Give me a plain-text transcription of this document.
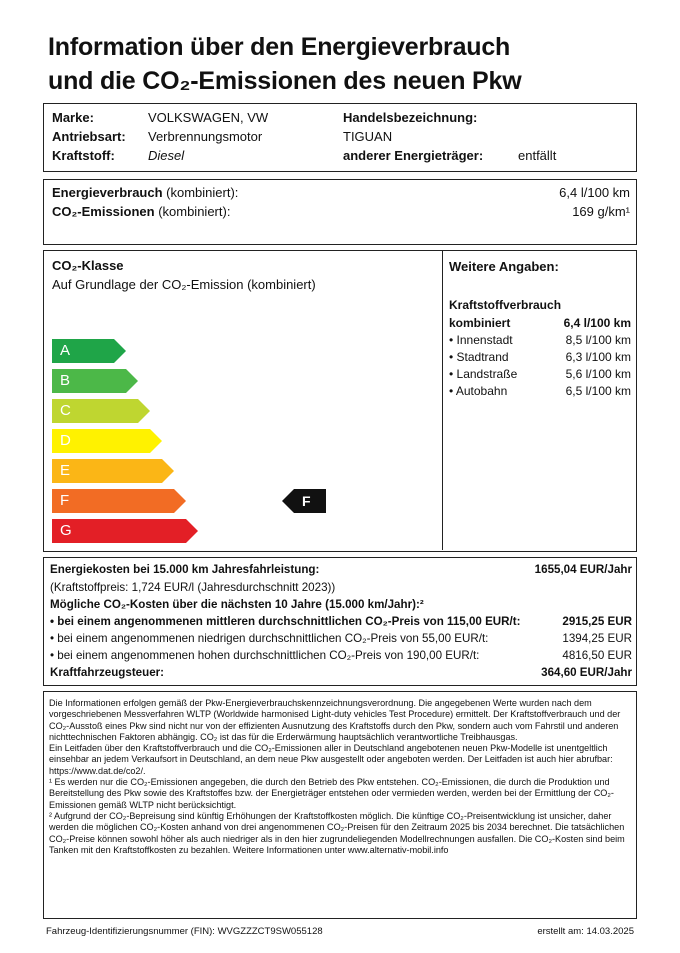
Information über den Energieverbrauch
und die CO₂-Emissionen des neuen Pkw
Marke:	VOLKSWAGEN, VW	Handelsbezeichnung:
Antriebsart: Verbrennungsmotor	TIGUAN
Kraftstoff:	Diesel	anderer Energieträger:	entfällt
Energieverbrauch (kombiniert):	6,4 l/100 km
CO₂-Emissionen (kombiniert):	169 g/km¹
CO₂-Klasse
Auf Grundlage der CO₂-Emission (kombiniert)
A
B
C
D
E
F
G
F
Weitere Angaben:
Kraftstoffverbrauch
kombiniert	6,4 l/100 km
• Innenstadt	8,5 l/100 km
• Stadtrand	6,3 l/100 km
• Landstraße	5,6 l/100 km
• Autobahn	6,5 l/100 km
Energiekosten bei 15.000 km Jahresfahrleistung:	1655,04 EUR/Jahr
(Kraftstoffpreis: 1,724 EUR/l (Jahresdurchschnitt 2023))
Mögliche CO₂-Kosten über die nächsten 10 Jahre (15.000 km/Jahr):²
• bei einem angenommenen mittleren durchschnittlichen CO₂-Preis von 115,00 EUR/t:	2915,25 EUR
• bei einem angenommenen niedrigen durchschnittlichen CO₂-Preis von 55,00 EUR/t:	1394,25 EUR
• bei einem angenommenen hohen durchschnittlichen CO₂-Preis von 190,00 EUR/t:	4816,50 EUR
Kraftfahrzeugsteuer:	364,60 EUR/Jahr

Die Informationen erfolgen gemäß der Pkw-Energieverbrauchskennzeichnungsverordnung. Die angegebenen Werte wurden nach dem vorgeschriebenen Messverfahren WLTP (Worldwide harmonised Light-duty vehicles Test Procedure) ermittelt. Der Kraftstoffverbrauch und der CO₂-Ausstoß eines Pkw sind nicht nur von der effizienten Ausnutzung des Kraftstoffs durch den Pkw, sondern auch vom Fahrstil und anderen nichttechnischen Faktoren abhängig. CO₂ ist das für die Erderwärmung hauptsächlich verantwortliche Treibhausgas.

Ein Leitfaden über den Kraftstoffverbrauch und die CO₂-Emissionen aller in Deutschland angebotenen neuen Pkw-Modelle ist unentgeltlich einsehbar an jedem Verkaufsort in Deutschland, an dem neue Pkw ausgestellt oder angeboten werden. Der Leitfaden ist auch hier abrufbar: https://www.dat.de/co2/.

¹ Es werden nur die CO₂-Emissionen angegeben, die durch den Betrieb des Pkw entstehen. CO₂-Emissionen, die durch die Produktion und Bereitstellung des Pkw sowie des Kraftstoffes bzw. der Energieträger entstehen oder vermieden werden, werden bei der Ermittlung der CO₂-Emissionen gemäß WLTP nicht berücksichtigt.

² Aufgrund der CO₂-Bepreisung sind künftig Erhöhungen der Kraftstoffkosten möglich. Die künftige CO₂-Preisentwicklung ist unsicher, daher werden die möglichen CO₂-Kosten anhand von drei angenommenen CO₂-Preisen für den Zeitraum 2025 bis 2034 berechnet. Die tatsächlichen CO₂-Preise können sowohl höher als auch niedriger als in den hier zugrundeliegenden Modellrechnungen ausfallen. Die CO₂-Kosten sind beim Tanken mit den Kraftstoffkosten zu bezahlen. Weitere Informationen unter www.alternativ-mobil.info

Fahrzeug-Identifizierungsnummer (FIN): WVGZZZCT9SW055128	erstellt am: 14.03.2025
